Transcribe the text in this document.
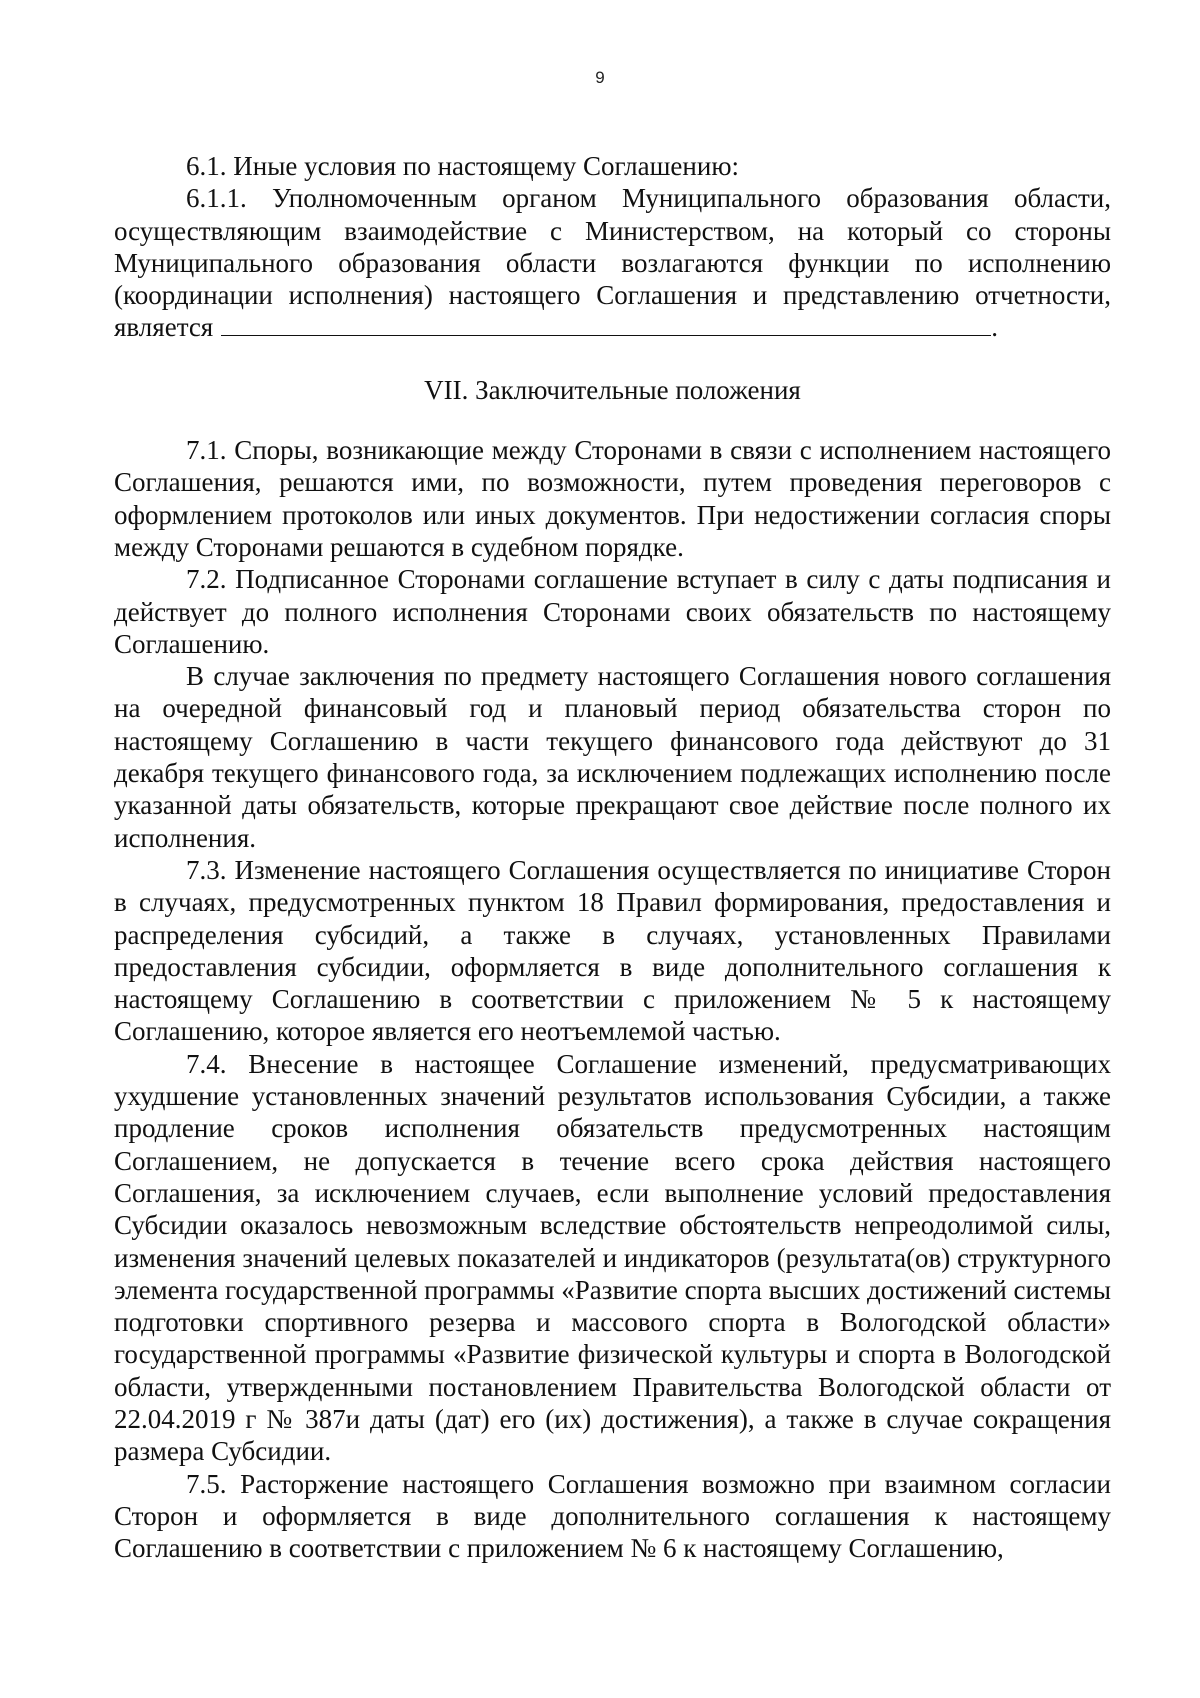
9

6.1. Иные условия по настоящему Соглашению:

6.1.1. Уполномоченным органом Муниципального образования области, осуществляющим взаимодействие с Министерством, на который со стороны Муниципального образования области возлагаются функции по исполнению (координации исполнения) настоящего Соглашения и представлению отчетности, является	.

VII. Заключительные положения

7.1. Споры, возникающие между Сторонами в связи с исполнением настоящего Соглашения, решаются ими, по возможности, путем проведения переговоров с оформлением протоколов или иных документов. При недостижении согласия споры между Сторонами решаются в судебном порядке.

7.2. Подписанное Сторонами соглашение вступает в силу с даты подписания и действует до полного исполнения Сторонами своих обязательств по настоящему Соглашению.

В случае заключения по предмету настоящего Соглашения нового соглашения на очередной финансовый год и плановый период обязательства сторон по настоящему Соглашению в части текущего финансового года действуют до 31 декабря текущего финансового года, за исключением подлежащих исполнению после указанной даты обязательств, которые прекращают свое действие после полного их исполнения.

7.3. Изменение настоящего Соглашения осуществляется по инициативе Сторон в случаях, предусмотренных пунктом 18 Правил формирования, предоставления и распределения субсидий, а также в случаях, установленных Правилами предоставления субсидии, оформляется в виде дополнительного соглашения к настоящему Соглашению в соответствии с приложением № 5 к настоящему Соглашению, которое является его неотъемлемой частью.

7.4. Внесение в настоящее Соглашение изменений, предусматривающих ухудшение установленных значений результатов использования Субсидии, а также продление сроков исполнения обязательств предусмотренных настоящим Соглашением, не допускается в течение всего срока действия настоящего Соглашения, за исключением случаев, если выполнение условий предоставления Субсидии оказалось невозможным вследствие обстоятельств непреодолимой силы, изменения значений целевых показателей и индикаторов (результата(ов) структурного элемента государственной программы «Развитие спорта высших достижений системы подготовки спортивного резерва и массового спорта в Вологодской области» государственной программы «Развитие физической культуры и спорта в Вологодской области, утвержденными постановлением Правительства Вологодской области от 22.04.2019 г № 387и даты (дат) его (их) достижения), а также в случае сокращения размера Субсидии.

7.5. Расторжение настоящего Соглашения возможно при взаимном согласии Сторон и оформляется в виде дополнительного соглашения к настоящему Соглашению в соответствии с приложением № 6 к настоящему Соглашению,
